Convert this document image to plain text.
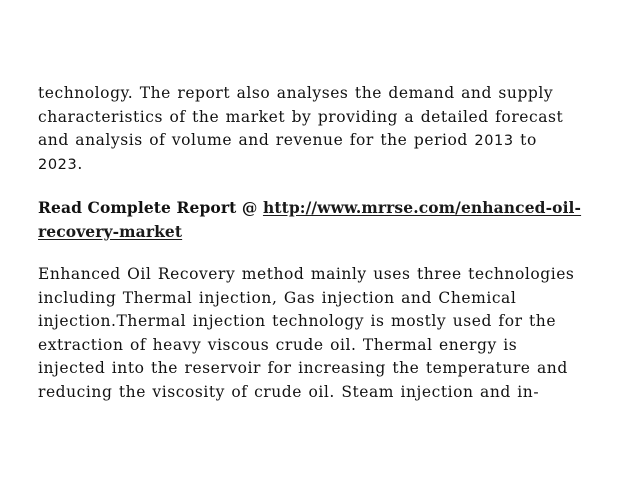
technology. The report also analyses the demand and supply
characteristics of the market by providing a detailed forecast
and analysis of volume and revenue for the period 2013 to
2023.
Read Complete Report @ http://www.mrrse.com/enhanced-oil-
recovery-market
Enhanced Oil Recovery method mainly uses three technologies
including Thermal injection, Gas injection and Chemical
injection.Thermal injection technology is mostly used for the
extraction of heavy viscous crude oil. Thermal energy is
injected into the reservoir for increasing the temperature and
reducing the viscosity of crude oil. Steam injection and in-
